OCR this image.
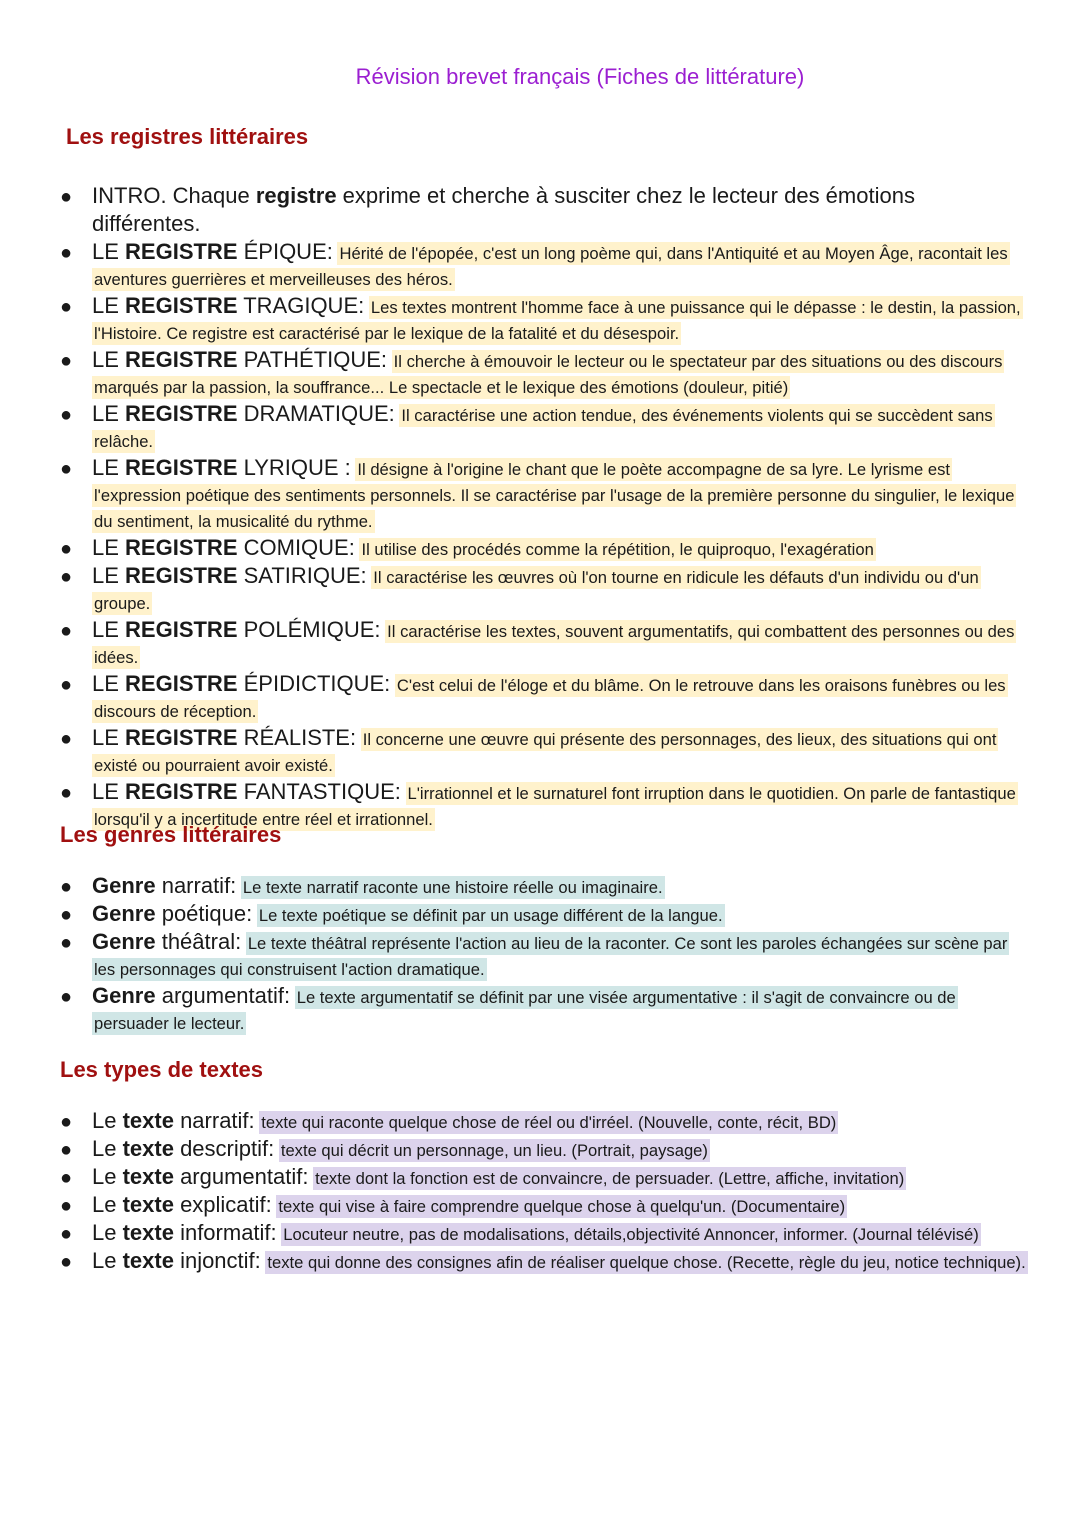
Révision brevet français (Fiches de littérature)
Les registres littéraires
● INTRO. Chaque registre exprime et cherche à susciter chez le lecteur des émotions différentes.
● LE REGISTRE ÉPIQUE: Hérité de l'épopée, c'est un long poème qui, dans l'Antiquité et au Moyen Âge, racontait les aventures guerrières et merveilleuses des héros.
● LE REGISTRE TRAGIQUE: Les textes montrent l'homme face à une puissance qui le dépasse : le destin, la passion, l'Histoire. Ce registre est caractérisé par le lexique de la fatalité et du désespoir.
● LE REGISTRE PATHÉTIQUE: Il cherche à émouvoir le lecteur ou le spectateur par des situations ou des discours marqués par la passion, la souffrance... Le spectacle et le lexique des émotions (douleur, pitié)
● LE REGISTRE DRAMATIQUE: Il caractérise une action tendue, des événements violents qui se succèdent sans relâche.
● LE REGISTRE LYRIQUE : Il désigne à l'origine le chant que le poète accompagne de sa lyre. Le lyrisme est l'expression poétique des sentiments personnels. Il se caractérise par l'usage de la première personne du singulier, le lexique du sentiment, la musicalité du rythme.
● LE REGISTRE COMIQUE: Il utilise des procédés comme la répétition, le quiproquo, l'exagération
● LE REGISTRE SATIRIQUE: Il caractérise les œuvres où l'on tourne en ridicule les défauts d'un individu ou d'un groupe.
● LE REGISTRE POLÉMIQUE: Il caractérise les textes, souvent argumentatifs, qui combattent des personnes ou des idées.
● LE REGISTRE ÉPIDICTIQUE: C'est celui de l'éloge et du blâme. On le retrouve dans les oraisons funèbres ou les discours de réception.
● LE REGISTRE RÉALISTE: Il concerne une œuvre qui présente des personnages, des lieux, des situations qui ont existé ou pourraient avoir existé.
● LE REGISTRE FANTASTIQUE: L'irrationnel et le surnaturel font irruption dans le quotidien. On parle de fantastique lorsqu'il y a incertitude entre réel et irrationnel.
Les genres littéraires
● Genre narratif: Le texte narratif raconte une histoire réelle ou imaginaire.
● Genre poétique: Le texte poétique se définit par un usage différent de la langue.
● Genre théâtral: Le texte théâtral représente l'action au lieu de la raconter. Ce sont les paroles échangées sur scène par les personnages qui construisent l'action dramatique.
● Genre argumentatif: Le texte argumentatif se définit par une visée argumentative : il s'agit de convaincre ou de persuader le lecteur.
Les types de textes
● Le texte narratif: texte qui raconte quelque chose de réel ou d'irréel. (Nouvelle, conte, récit, BD)
● Le texte descriptif: texte qui décrit un personnage, un lieu. (Portrait, paysage)
● Le texte argumentatif: texte dont la fonction est de convaincre, de persuader. (Lettre, affiche, invitation)
● Le texte explicatif: texte qui vise à faire comprendre quelque chose à quelqu'un. (Documentaire)
● Le texte informatif: Locuteur neutre, pas de modalisations, détails,objectivité Annoncer, informer. (Journal télévisé)
● Le texte injonctif: texte qui donne des consignes afin de réaliser quelque chose. (Recette, règle du jeu, notice technique).
